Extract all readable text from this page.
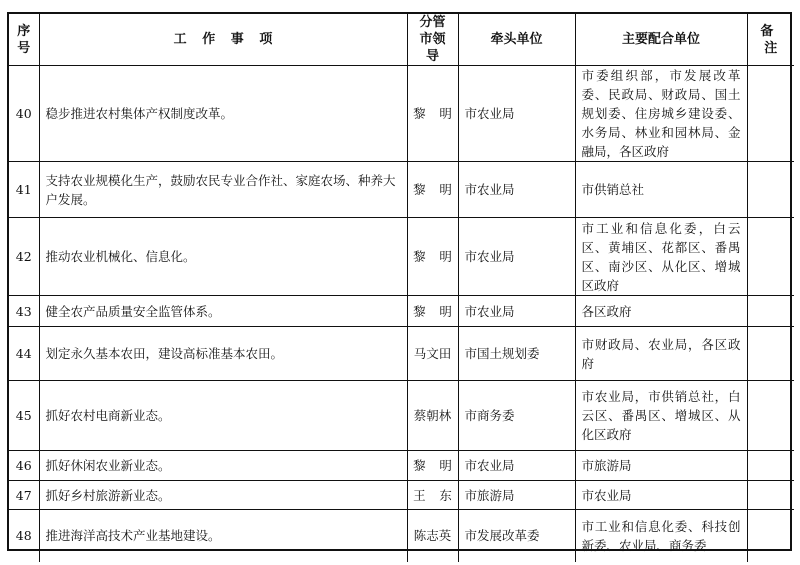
序号	工作事项	分管市领导	牵头单位	主要配合单位	备注
40	稳步推进农村集体产权制度改革。	黎明	市农业局	市委组织部，市发展改革委、民政局、财政局、国土规划委、住房城乡建设委、水务局、林业和园林局、金融局，各区政府	
41	支持农业规模化生产，鼓励农民专业合作社、家庭农场、种养大户发展。	黎明	市农业局	市供销总社	
42	推动农业机械化、信息化。	黎明	市农业局	市工业和信息化委，白云区、黄埔区、花都区、番禺区、南沙区、从化区、增城区政府	
43	健全农产品质量安全监管体系。	黎明	市农业局	各区政府	
44	划定永久基本农田，建设高标准基本农田。	马文田	市国土规划委	市财政局、农业局，各区政府	
45	抓好农村电商新业态。	蔡朝林	市商务委	市农业局，市供销总社，白云区、番禺区、增城区、从化区政府	
46	抓好休闲农业新业态。	黎明	市农业局	市旅游局	
47	抓好乡村旅游新业态。	王东	市旅游局	市农业局	
48	推进海洋高技术产业基地建设。	陈志英	市发展改革委	市工业和信息化委、科技创新委、农业局、商务委	
